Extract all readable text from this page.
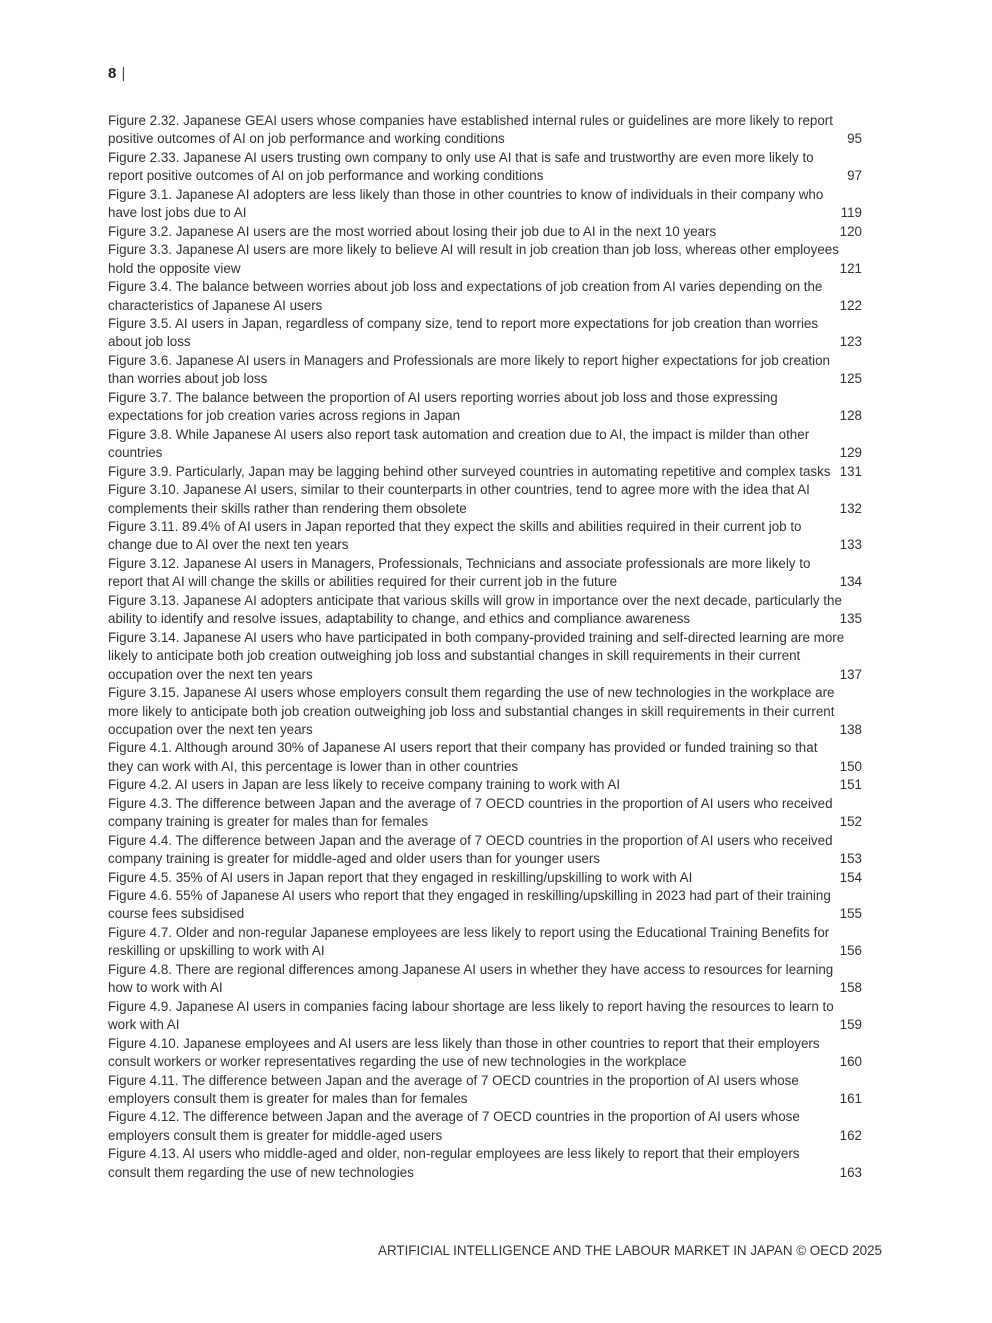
8 |
Figure 2.32. Japanese GEAI users whose companies have established internal rules or guidelines are more likely to report positive outcomes of AI on job performance and working conditions	95
Figure 2.33. Japanese AI users trusting own company to only use AI that is safe and trustworthy are even more likely to report positive outcomes of AI on job performance and working conditions	97
Figure 3.1. Japanese AI adopters are less likely than those in other countries to know of individuals in their company who have lost jobs due to AI	119
Figure 3.2. Japanese AI users are the most worried about losing their job due to AI in the next 10 years	120
Figure 3.3. Japanese AI users are more likely to believe AI will result in job creation than job loss, whereas other employees hold the opposite view	121
Figure 3.4. The balance between worries about job loss and expectations of job creation from AI varies depending on the characteristics of Japanese AI users	122
Figure 3.5. AI users in Japan, regardless of company size, tend to report more expectations for job creation than worries about job loss	123
Figure 3.6. Japanese AI users in Managers and Professionals are more likely to report higher expectations for job creation than worries about job loss	125
Figure 3.7. The balance between the proportion of AI users reporting worries about job loss and those expressing expectations for job creation varies across regions in Japan	128
Figure 3.8. While Japanese AI users also report task automation and creation due to AI, the impact is milder than other countries	129
Figure 3.9. Particularly, Japan may be lagging behind other surveyed countries in automating repetitive and complex tasks 131
Figure 3.10. Japanese AI users, similar to their counterparts in other countries, tend to agree more with the idea that AI complements their skills rather than rendering them obsolete	132
Figure 3.11. 89.4% of AI users in Japan reported that they expect the skills and abilities required in their current job to change due to AI over the next ten years	133
Figure 3.12. Japanese AI users in Managers, Professionals, Technicians and associate professionals are more likely to report that AI will change the skills or abilities required for their current job in the future	134
Figure 3.13. Japanese AI adopters anticipate that various skills will grow in importance over the next decade, particularly the ability to identify and resolve issues, adaptability to change, and ethics and compliance awareness	135
Figure 3.14. Japanese AI users who have participated in both company-provided training and self-directed learning are more likely to anticipate both job creation outweighing job loss and substantial changes in skill requirements in their current occupation over the next ten years	137
Figure 3.15. Japanese AI users whose employers consult them regarding the use of new technologies in the workplace are more likely to anticipate both job creation outweighing job loss and substantial changes in skill requirements in their current occupation over the next ten years	138
Figure 4.1. Although around 30% of Japanese AI users report that their company has provided or funded training so that they can work with AI, this percentage is lower than in other countries	150
Figure 4.2. AI users in Japan are less likely to receive company training to work with AI	151
Figure 4.3. The difference between Japan and the average of 7 OECD countries in the proportion of AI users who received company training is greater for males than for females	152
Figure 4.4. The difference between Japan and the average of 7 OECD countries in the proportion of AI users who received company training is greater for middle-aged and older users than for younger users	153
Figure 4.5. 35% of AI users in Japan report that they engaged in reskilling/upskilling to work with AI	154
Figure 4.6. 55% of Japanese AI users who report that they engaged in reskilling/upskilling in 2023 had part of their training course fees subsidised	155
Figure 4.7. Older and non-regular Japanese employees are less likely to report using the Educational Training Benefits for reskilling or upskilling to work with AI	156
Figure 4.8. There are regional differences among Japanese AI users in whether they have access to resources for learning how to work with AI	158
Figure 4.9. Japanese AI users in companies facing labour shortage are less likely to report having the resources to learn to work with AI	159
Figure 4.10. Japanese employees and AI users are less likely than those in other countries to report that their employers consult workers or worker representatives regarding the use of new technologies in the workplace	160
Figure 4.11. The difference between Japan and the average of 7 OECD countries in the proportion of AI users whose employers consult them is greater for males than for females	161
Figure 4.12. The difference between Japan and the average of 7 OECD countries in the proportion of AI users whose employers consult them is greater for middle-aged users	162
Figure 4.13. AI users who middle-aged and older, non-regular employees are less likely to report that their employers consult them regarding the use of new technologies	163
ARTIFICIAL INTELLIGENCE AND THE LABOUR MARKET IN JAPAN © OECD 2025
